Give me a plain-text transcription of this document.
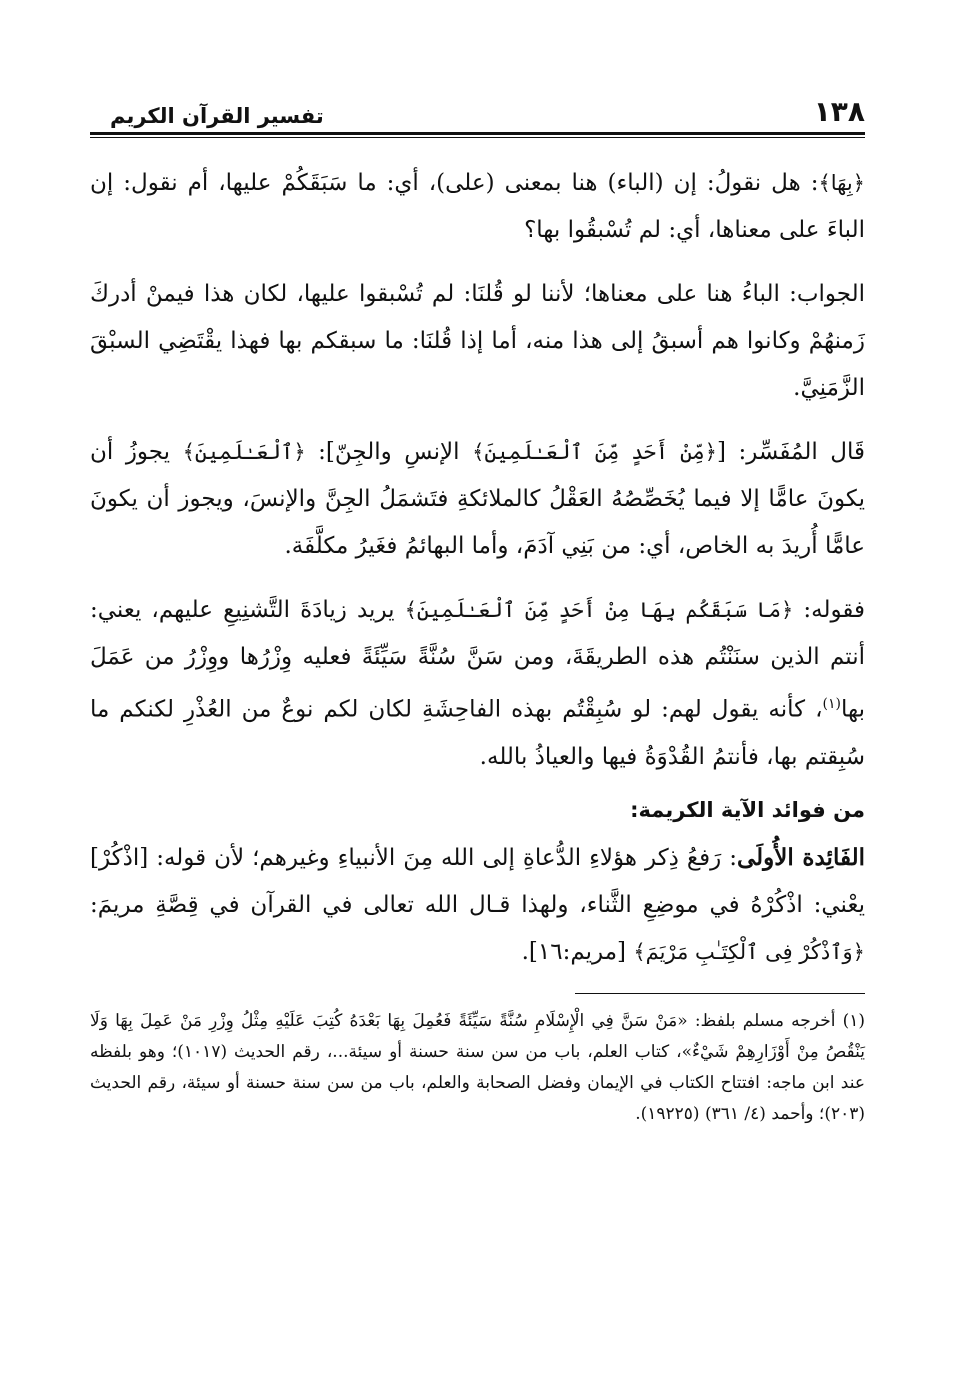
١٣٨
تفسير القرآن الكريم

﴿بِهَا﴾: هل نقولُ: إن (الباء) هنا بمعنى (على)، أي: ما سَبَقَكُمْ عليها، أم نقول: إن الباءَ على معناها، أي: لم تُسْبقُوا بها؟

الجواب: الباءُ هنا على معناها؛ لأننا لو قُلنَا: لم تُسْبقوا عليها، لكان هذا فيمنْ أدركَ زَمنهُمْ وكانوا هم أسبقُ إلى هذا منه، أما إذا قُلنَا: ما سبقكم بها فهذا يقْتَضِي السبْقَ الزَّمَنِيَّ.

قَال المُفَسِّر: [﴿مِّنْ أَحَدٍ مِّنَ ٱلْعَـٰلَمِينَ﴾ الإنسِ والجِنّ]: ﴿ٱلْعَـٰلَمِينَ﴾ يجوزُ أن يكونَ عامًّا إلا فيما يُخَصِّصُهُ العَقْلُ كالملائكةِ فتَشمَلُ الجِنَّ والإنسَ، ويجوز أن يكونَ عامًّا أُريدَ به الخاص، أي: من بَنِي آدَمَ، وأما البهائمُ فغَيرُ مكلَّفَة.

فقوله: ﴿مَا سَبَقَكُم بِهَا مِنْ أَحَدٍ مِّنَ ٱلْعَـٰلَمِينَ﴾ يريد زيادَةَ التَّشنِيعِ عليهم، يعني: أنتم الذين سنَنْتُم هذه الطريقَةَ، ومن سَنَّ سُنَّةً سَيِّئَةً فعليه وِزْرُها ووِزْرُ من عَمَلَ بها$^{(١)}$، كأنه يقول لهم: لو سُبِقْتُم بهذه الفاحِشَةِ لكان لكم نوعٌ من العُذْرِ لكنكم ما سُبِقتم بها، فأنتمُ القُدْوَةُ فيها والعياذُ بالله.

من فوائد الآية الكريمة:

الفَائِدة الأُولَى: رَفعُ ذِكر هؤلاءِ الدُّعاةِ إلى الله مِنَ الأنبياءِ وغيرهم؛ لأن قوله: [اذْكُرْ] يعْني: اذْكُرْهُ في موضِعِ الثَّناء، ولهذا قـال الله تعالى في القرآن في قِصَّةِ مريمَ: ﴿وَٱذْكُرْ فِى ٱلْكِتَـٰبِ مَرْيَمَ﴾ [مريم:١٦].

(١) أخرجه مسلم بلفظ: «مَنْ سَنَّ فِي الْإِسْلَامِ سُنَّةً سَيِّئَةً فَعُمِلَ بِهَا بَعْدَهُ كُتِبَ عَلَيْهِ مِثْلُ وِزْرِ مَنْ عَمِلَ بِهَا وَلَا يَنْقُصُ مِنْ أَوْزَارِهِمْ شَيْءٌ»، كتاب العلم، باب من سن سنة حسنة أو سيئة...، رقم الحديث (١٠١٧)؛ وهو بلفظه عند ابن ماجه: افتتاح الكتاب في الإيمان وفضل الصحابة والعلم، باب من سن سنة حسنة أو سيئة، رقم الحديث (٢٠٣)؛ وأحمد (٤/ ٣٦١) (١٩٢٢٥).
